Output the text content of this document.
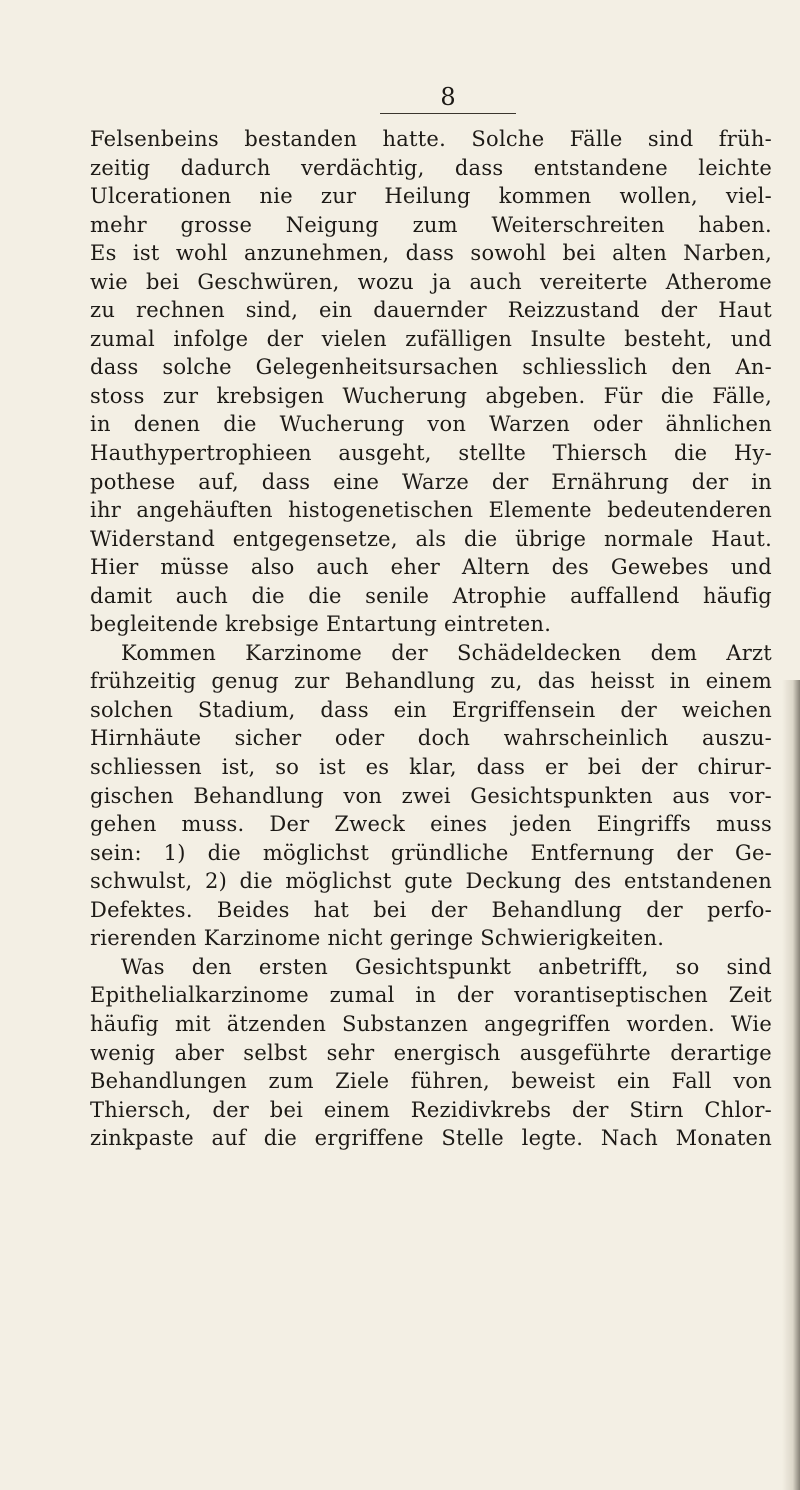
8
Felsenbeins bestanden hatte. Solche Fälle sind früh-
zeitig dadurch verdächtig, dass entstandene leichte
Ulcerationen nie zur Heilung kommen wollen, viel-
mehr grosse Neigung zum Weiterschreiten haben.
Es ist wohl anzunehmen, dass sowohl bei alten Narben,
wie bei Geschwüren, wozu ja auch vereiterte Atherome
zu rechnen sind, ein dauernder Reizzustand der Haut
zumal infolge der vielen zufälligen Insulte besteht, und
dass solche Gelegenheitsursachen schliesslich den An-
stoss zur krebsigen Wucherung abgeben. Für die Fälle,
in denen die Wucherung von Warzen oder ähnlichen
Hauthypertrophieen ausgeht, stellte Thiersch die Hy-
pothese auf, dass eine Warze der Ernährung der in
ihr angehäuften histogenetischen Elemente bedeutenderen
Widerstand entgegensetze, als die übrige normale Haut.
Hier müsse also auch eher Altern des Gewebes und
damit auch die die senile Atrophie auffallend häufig
begleitende krebsige Entartung eintreten.
Kommen Karzinome der Schädeldecken dem Arzt
frühzeitig genug zur Behandlung zu, das heisst in einem
solchen Stadium, dass ein Ergriffensein der weichen
Hirnhäute sicher oder doch wahrscheinlich auszu-
schliessen ist, so ist es klar, dass er bei der chirur-
gischen Behandlung von zwei Gesichtspunkten aus vor-
gehen muss. Der Zweck eines jeden Eingriffs muss
sein: 1) die möglichst gründliche Entfernung der Ge-
schwulst, 2) die möglichst gute Deckung des entstandenen
Defektes. Beides hat bei der Behandlung der perfo-
rierenden Karzinome nicht geringe Schwierigkeiten.
Was den ersten Gesichtspunkt anbetrifft, so sind
Epithelialkarzinome zumal in der vorantiseptischen Zeit
häufig mit ätzenden Substanzen angegriffen worden. Wie
wenig aber selbst sehr energisch ausgeführte derartige
Behandlungen zum Ziele führen, beweist ein Fall von
Thiersch, der bei einem Rezidivkrebs der Stirn Chlor-
zinkpaste auf die ergriffene Stelle legte. Nach Monaten
